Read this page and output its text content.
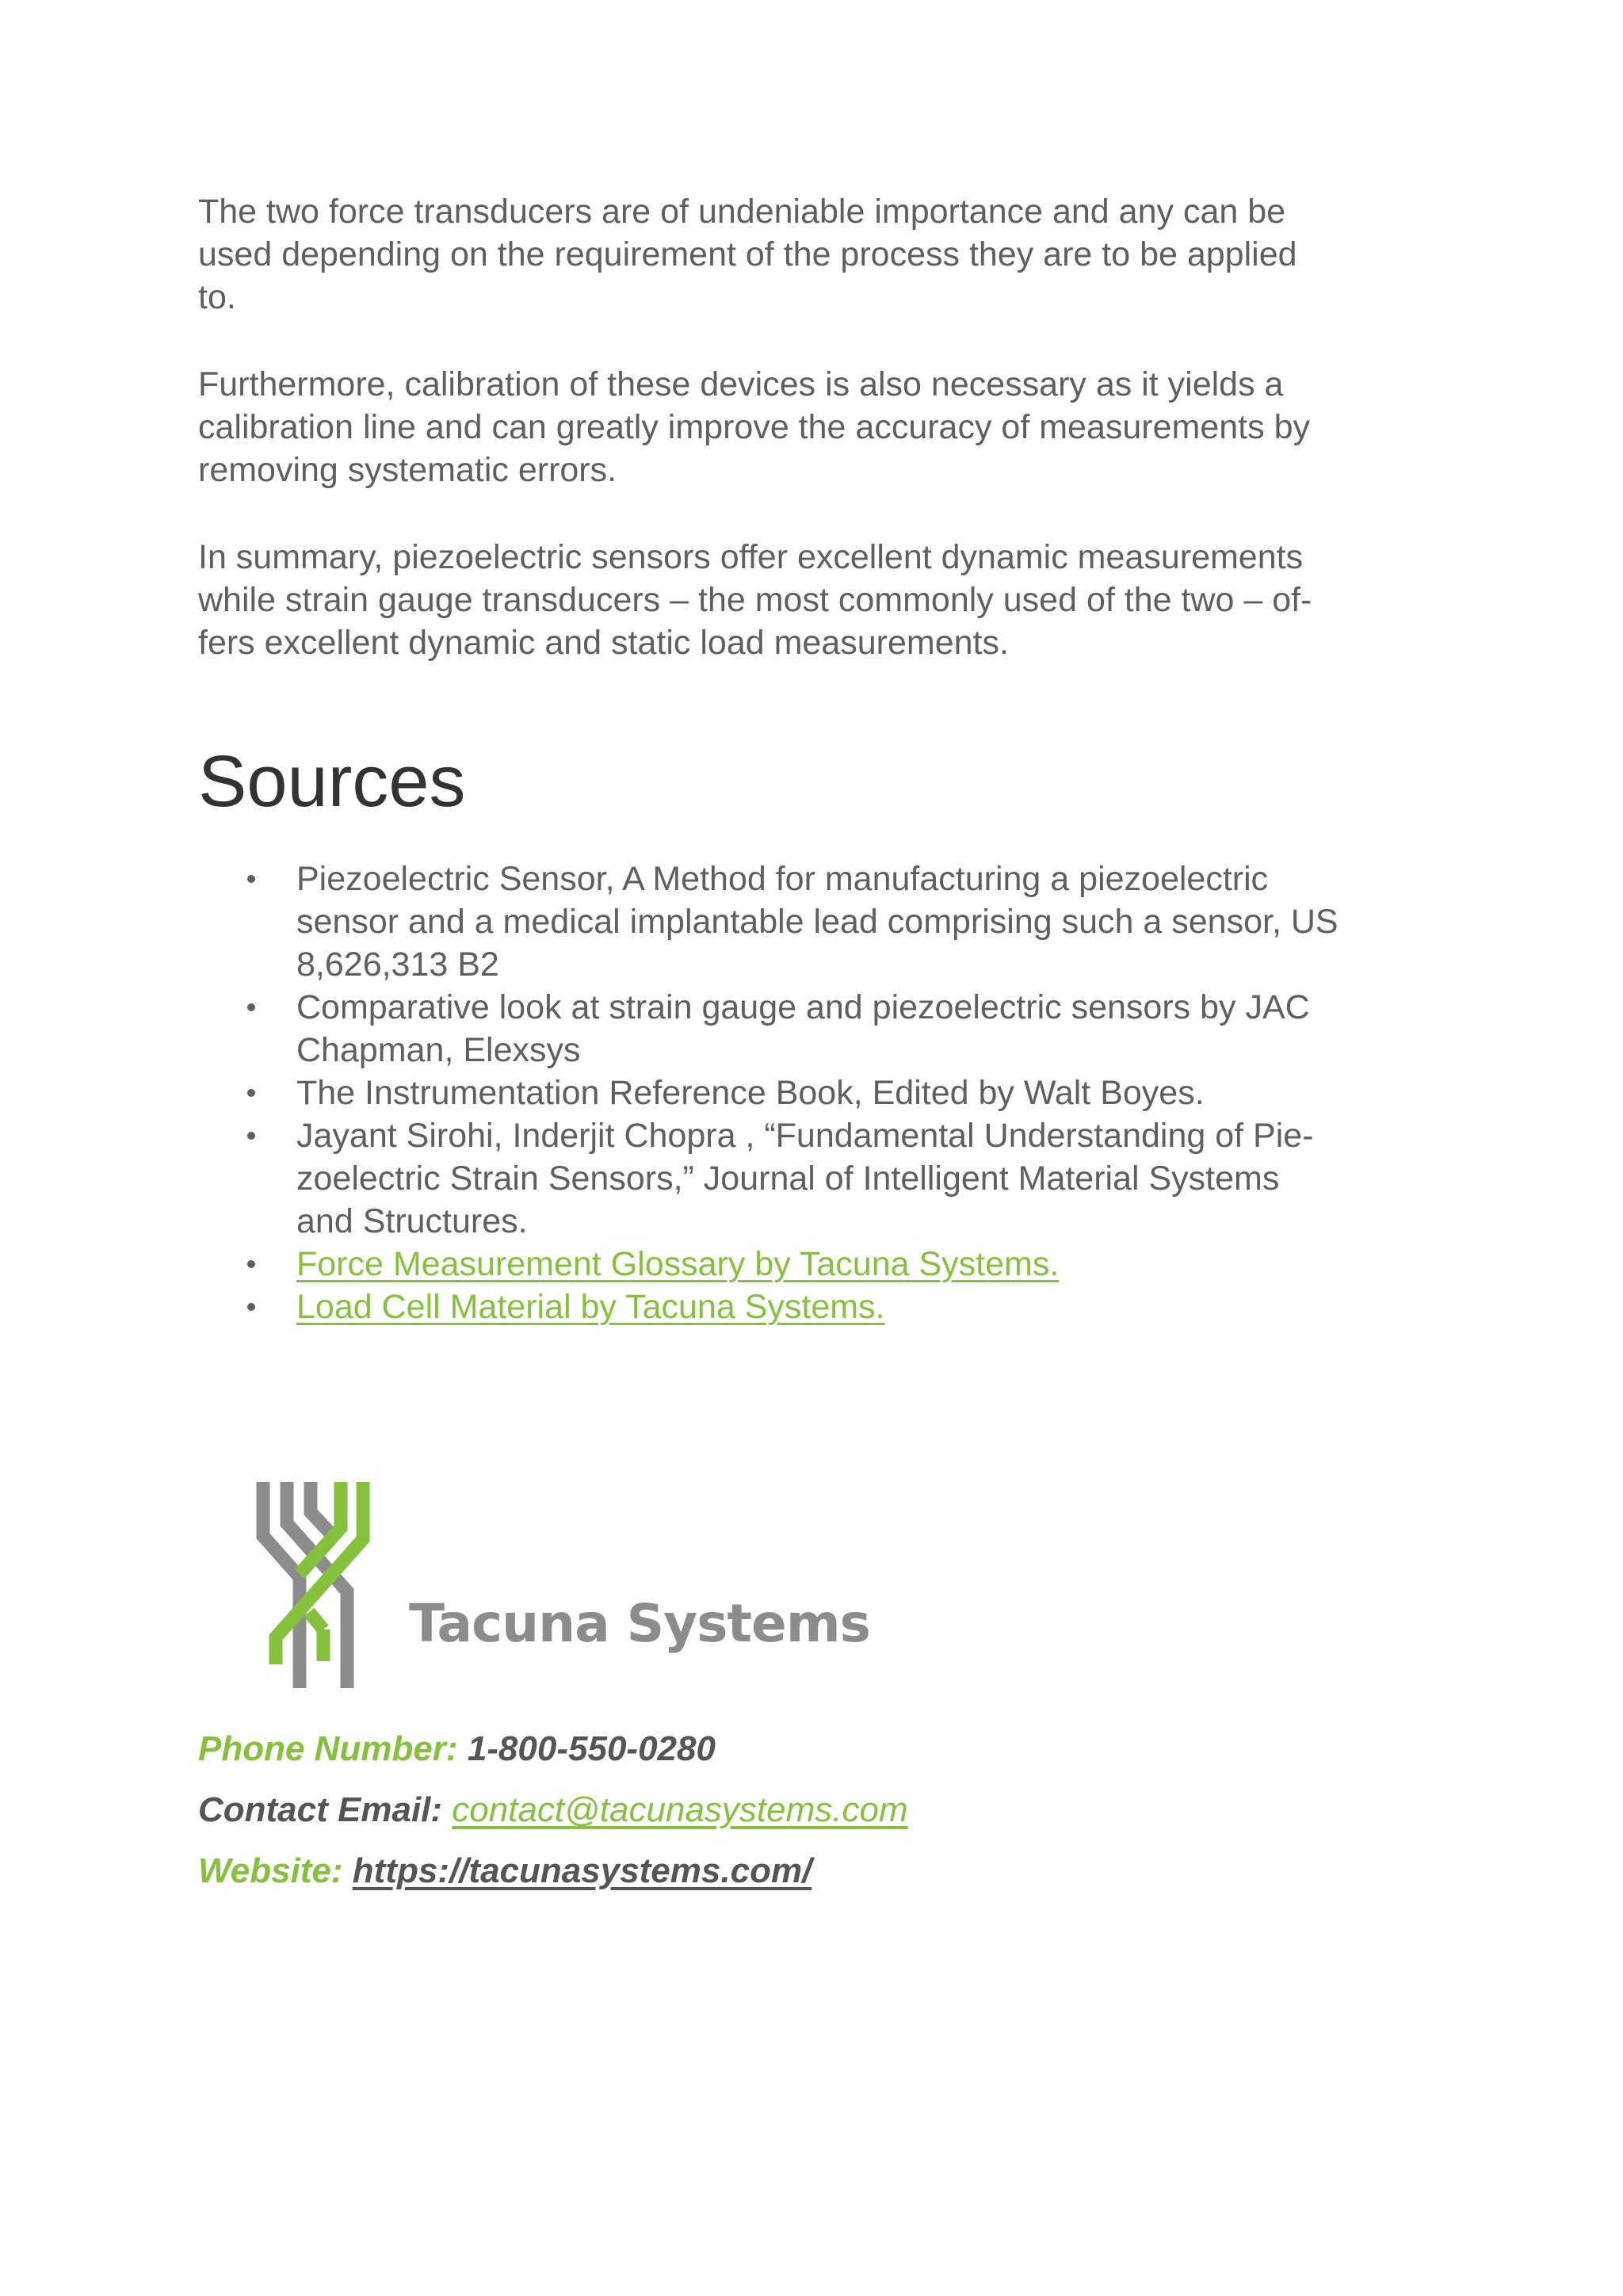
The two force transducers are of undeniable importance and any can be
used depending on the requirement of the process they are to be applied
to.

Furthermore, calibration of these devices is also necessary as it yields a
calibration line and can greatly improve the accuracy of measurements by
removing systematic errors.

In summary, piezoelectric sensors offer excellent dynamic measurements
while strain gauge transducers – the most commonly used of the two – of-
fers excellent dynamic and static load measurements.

Sources
Piezoelectric Sensor, A Method for manufacturing a piezoelectric
sensor and a medical implantable lead comprising such a sensor, US
8,626,313 B2
Comparative look at strain gauge and piezoelectric sensors by JAC
Chapman, Elexsys
The Instrumentation Reference Book, Edited by Walt Boyes.
Jayant Sirohi, Inderjit Chopra , “Fundamental Understanding of Pie-
zoelectric Strain Sensors,” Journal of Intelligent Material Systems
and Structures.
Force Measurement Glossary by Tacuna Systems.
Load Cell Material by Tacuna Systems.
Tacuna Systems
Phone Number: 1-800-550-0280
Contact Email: contact@tacunasystems.com
Website: https://tacunasystems.com/
